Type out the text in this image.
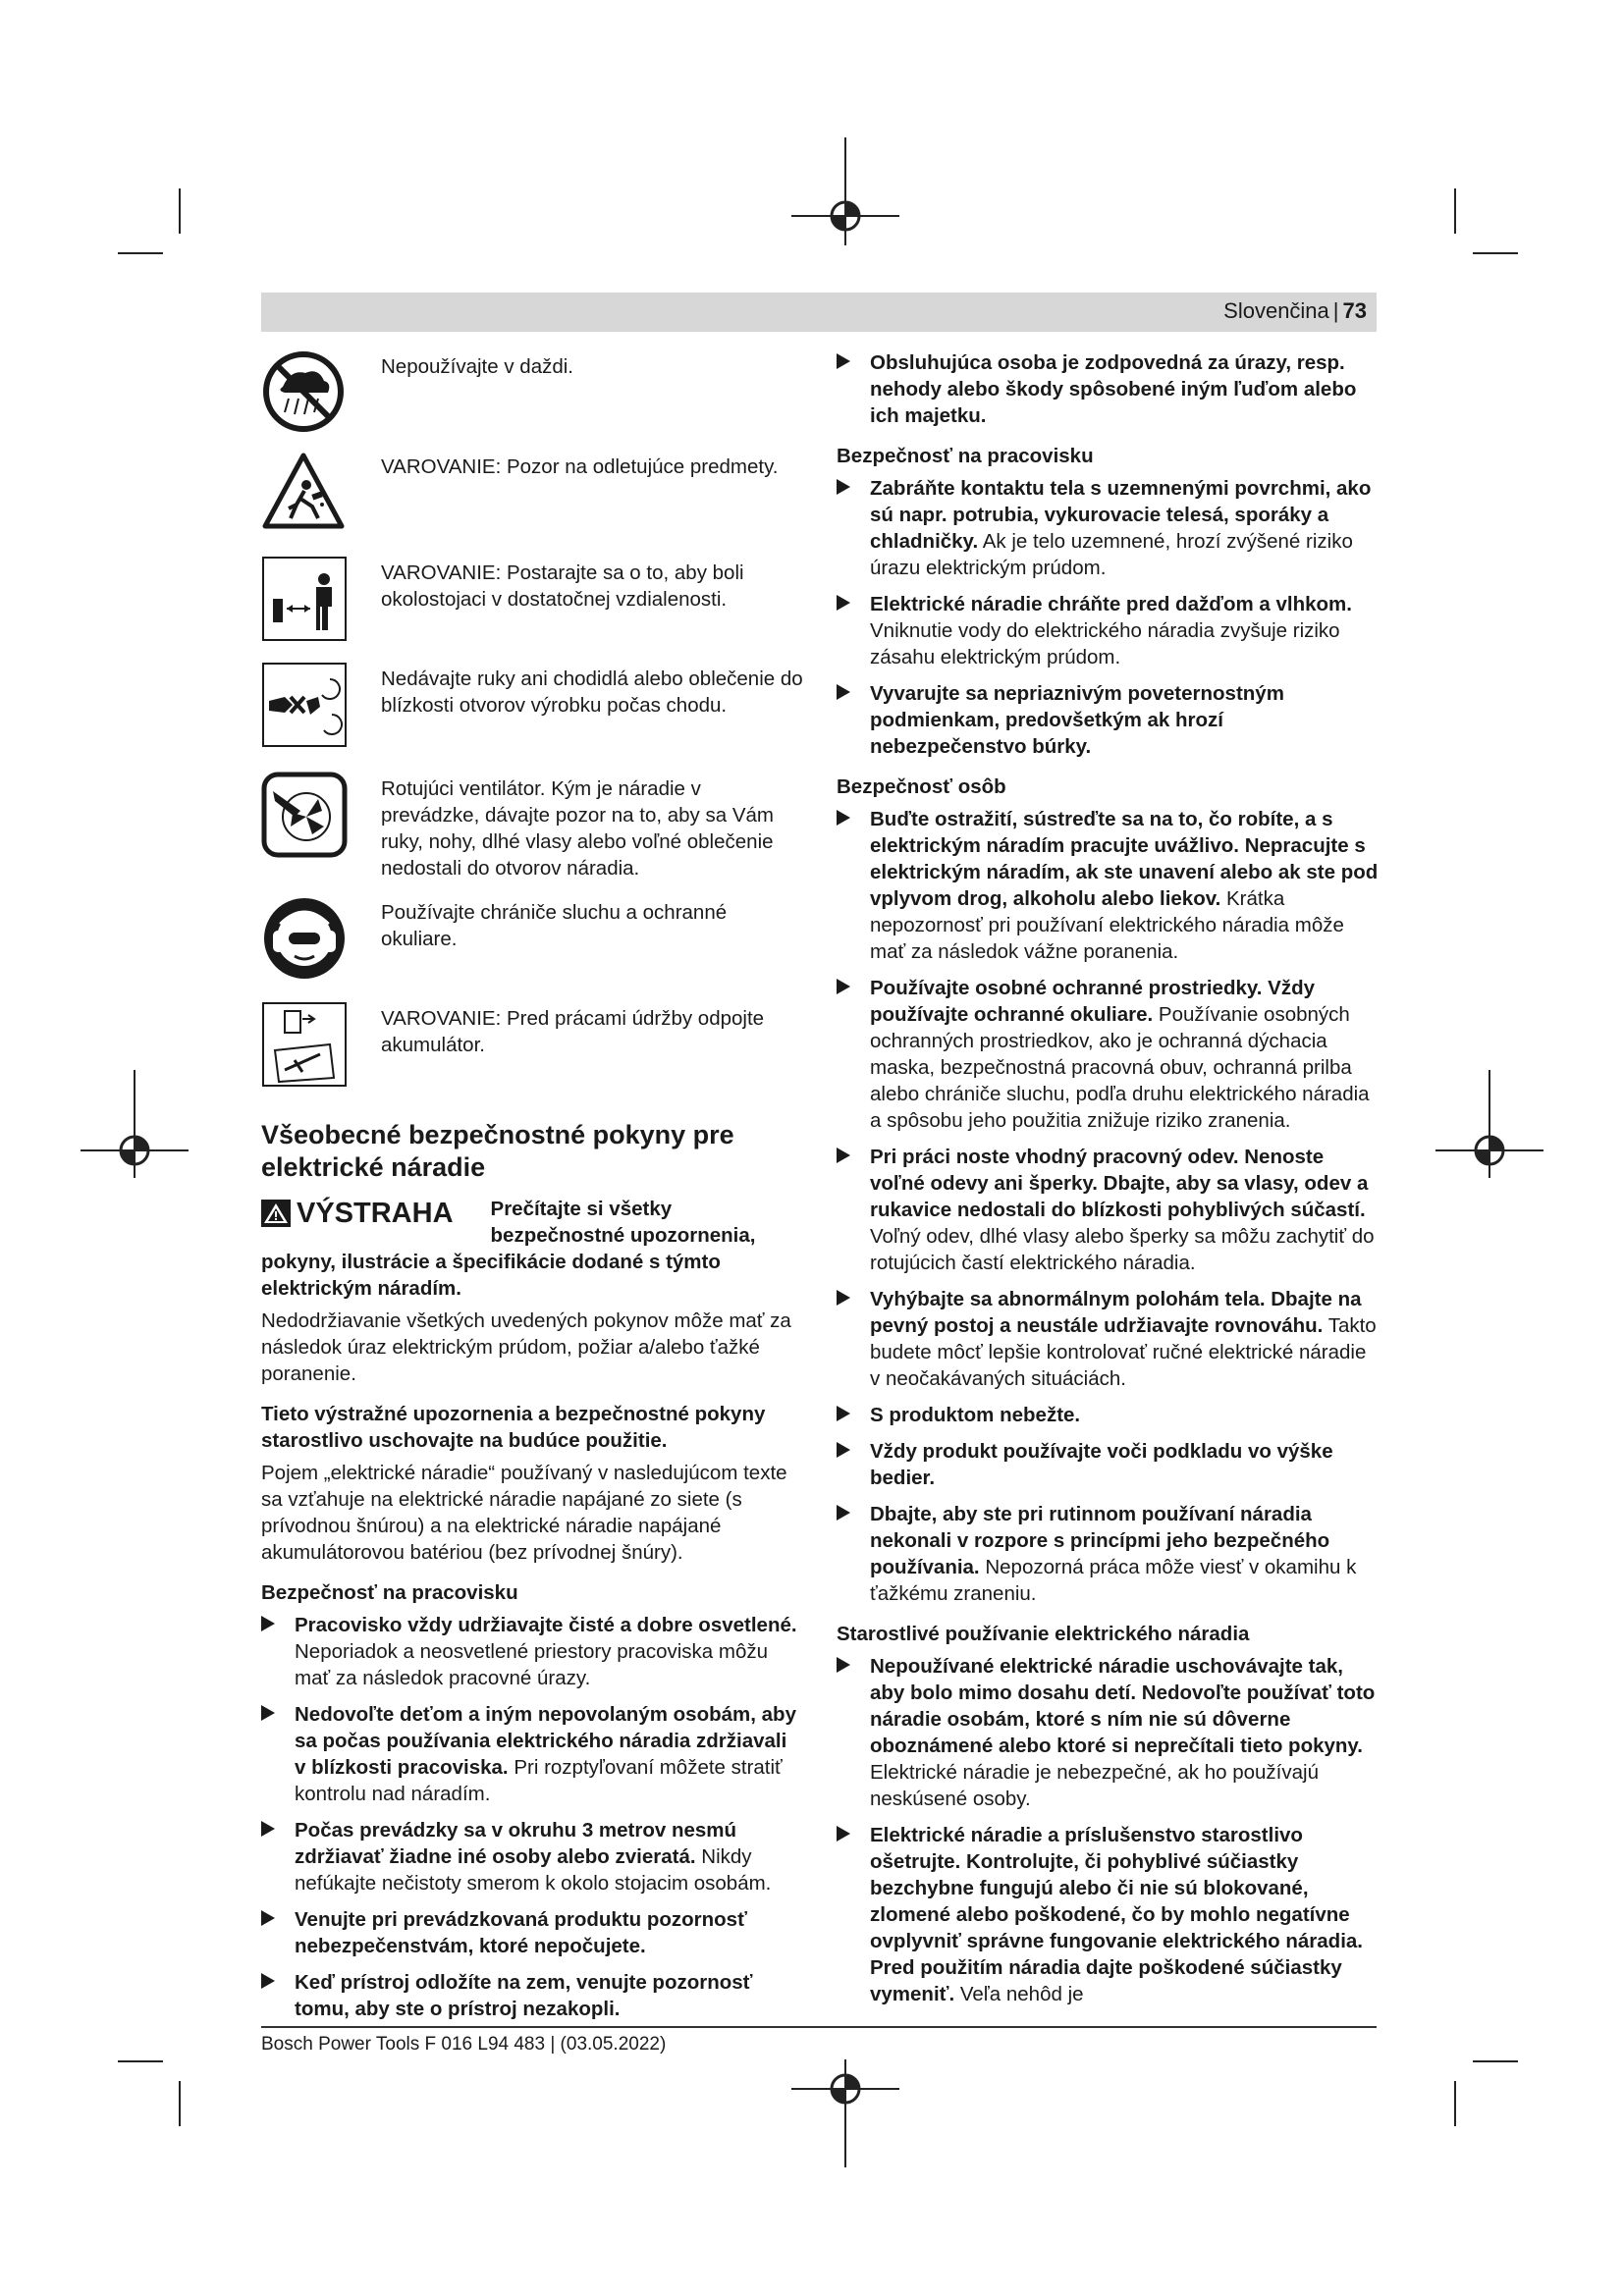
Slovenčina | 73
Nepoužívajte v daždi.
VAROVANIE: Pozor na odletujúce predmety.
VAROVANIE: Postarajte sa o to, aby boli okolostojaci v dostatočnej vzdialenosti.
Nedávajte ruky ani chodidlá alebo oblečenie do blízkosti otvorov výrobku počas chodu.
Rotujúci ventilátor. Kým je náradie v prevádzke, dávajte pozor na to, aby sa Vám ruky, nohy, dlhé vlasy alebo voľné oblečenie nedostali do otvorov náradia.
Používajte chrániče sluchu a ochranné okuliare.
VAROVANIE: Pred prácami údržby odpojte akumulátor.
Všeobecné bezpečnostné pokyny pre elektrické náradie
VÝSTRAHA	Prečítajte si všetky bezpečnostné upozornenia, pokyny, ilustrácie a špecifikácie dodané s týmto elektrickým náradím.
Nedodržiavanie všetkých uvedených pokynov môže mať za následok úraz elektrickým prúdom, požiar a/alebo ťažké poranenie.
Tieto výstražné upozornenia a bezpečnostné pokyny starostlivo uschovajte na budúce použitie.
Pojem „elektrické náradie“ používaný v nasledujúcom texte sa vzťahuje na elektrické náradie napájané zo siete (s prívodnou šnúrou) a na elektrické náradie napájané akumulátorovou batériou (bez prívodnej šnúry).
Bezpečnosť na pracovisku
Pracovisko vždy udržiavajte čisté a dobre osvetlené. Neporiadok a neosvetlené priestory pracoviska môžu mať za následok pracovné úrazy.
Nedovoľte deťom a iným nepovolaným osobám, aby sa počas používania elektrického náradia zdržiavali v blízkosti pracoviska. Pri rozptyľovaní môžete stratiť kontrolu nad náradím.
Počas prevádzky sa v okruhu 3 metrov nesmú zdržiavať žiadne iné osoby alebo zvieratá. Nikdy nefúkajte nečistoty smerom k okolo stojacim osobám.
Venujte pri prevádzkovaná produktu pozornosť nebezpečenstvám, ktoré nepočujete.
Keď prístroj odložíte na zem, venujte pozornosť tomu, aby ste o prístroj nezakopli.
Obsluhujúca osoba je zodpovedná za úrazy, resp. nehody alebo škody spôsobené iným ľuďom alebo ich majetku.
Bezpečnosť na pracovisku
Zabráňte kontaktu tela s uzemnenými povrchmi, ako sú napr. potrubia, vykurovacie telesá, sporáky a chladničky. Ak je telo uzemnené, hrozí zvýšené riziko úrazu elektrickým prúdom.
Elektrické náradie chráňte pred dažďom a vlhkom. Vniknutie vody do elektrického náradia zvyšuje riziko zásahu elektrickým prúdom.
Vyvarujte sa nepriaznivým poveternostným podmienkam, predovšetkým ak hrozí nebezpečenstvo búrky.
Bezpečnosť osôb
Buďte ostražití, sústreďte sa na to, čo robíte, a s elektrickým náradím pracujte uvážlivo. Nepracujte s elektrickým náradím, ak ste unavení alebo ak ste pod vplyvom drog, alkoholu alebo liekov. Krátka nepozornosť pri používaní elektrického náradia môže mať za následok vážne poranenia.
Používajte osobné ochranné prostriedky. Vždy používajte ochranné okuliare. Používanie osobných ochranných prostriedkov, ako je ochranná dýchacia maska, bezpečnostná pracovná obuv, ochranná prilba alebo chrániče sluchu, podľa druhu elektrického náradia a spôsobu jeho použitia znižuje riziko zranenia.
Pri práci noste vhodný pracovný odev. Nenoste voľné odevy ani šperky. Dbajte, aby sa vlasy, odev a rukavice nedostali do blízkosti pohyblivých súčastí. Voľný odev, dlhé vlasy alebo šperky sa môžu zachytiť do rotujúcich častí elektrického náradia.
Vyhýbajte sa abnormálnym polohám tela. Dbajte na pevný postoj a neustále udržiavajte rovnováhu. Takto budete môcť lepšie kontrolovať ručné elektrické náradie v neočakávaných situáciách.
S produktom nebežte.
Vždy produkt používajte voči podkladu vo výške bedier.
Dbajte, aby ste pri rutinnom používaní náradia nekonali v rozpore s princípmi jeho bezpečného používania. Nepozorná práca môže viesť v okamihu k ťažkému zraneniu.
Starostlivé používanie elektrického náradia
Nepoužívané elektrické náradie uschovávajte tak, aby bolo mimo dosahu detí. Nedovoľte používať toto náradie osobám, ktoré s ním nie sú dôverne oboznámené alebo ktoré si neprečítali tieto pokyny. Elektrické náradie je nebezpečné, ak ho používajú neskúsené osoby.
Elektrické náradie a príslušenstvo starostlivo ošetrujte. Kontrolujte, či pohyblivé súčiastky bezchybne fungujú alebo či nie sú blokované, zlomené alebo poškodené, čo by mohlo negatívne ovplyvniť správne fungovanie elektrického náradia. Pred použitím náradia dajte poškodené súčiastky vymeniť. Veľa nehôd je
Bosch Power Tools F 016 L94 483 | (03.05.2022)
